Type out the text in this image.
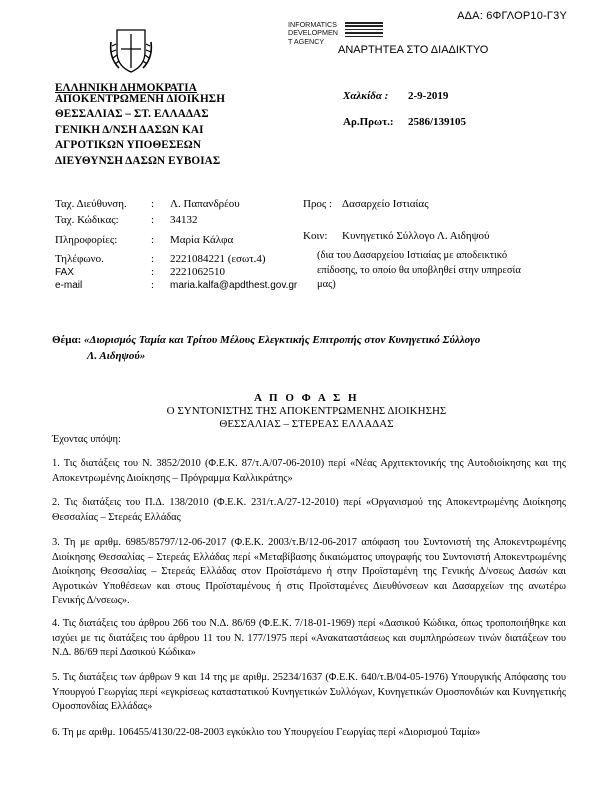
ΑΔΑ: 6ΦΓΛΟΡ10-Γ3Υ
INFORMATICS
DEVELOPMEN
T AGENCY
ΑΝΑΡΤΗΤΕΑ ΣΤΟ ΔΙΑΔΙΚΤΥΟ
ΕΛΛΗΝΙΚΗ ΔΗΜΟΚΡΑΤΙΑ
ΑΠΟΚΕΝΤΡΩΜΕΝΗ ΔΙΟΙΚΗΣΗ
ΘΕΣΣΑΛΙΑΣ – ΣΤ. ΕΛΛΑΔΑΣ
ΓΕΝΙΚΗ Δ/ΝΣΗ ΔΑΣΩΝ ΚΑΙ
ΑΓΡΟΤΙΚΩΝ ΥΠΟΘΕΣΕΩΝ
ΔΙΕΥΘΥΝΣΗ ΔΑΣΩΝ ΕΥΒΟΙΑΣ
Χαλκίδα : 2-9-2019
Αρ.Πρωτ.: 2586/139105
Ταχ. Διεύθυνση. : Λ. Παπανδρέου
Ταχ. Κώδικας:	: 34132
Πληροφορίες:	: Μαρία Κάλφα
Τηλέφωνο.	: 2221084221 (εσωτ.4)
FAX	: 2221062510
e-mail	: maria.kalfa@apdthest.gov.gr
Προς : Δασαρχείο Ιστιαίας
Κοιν: Κυνηγετικό Σύλλογο Λ. Αιδηψού
(δια του Δασαρχείου Ιστιαίας με αποδεικτικό επίδοσης, το οποίο θα υποβληθεί στην υπηρεσία μας)
Θέμα: «Διορισμός Ταμία και Τρίτου Μέλους Ελεγκτικής Επιτροπής στον Κυνηγετικό Σύλλογο
Λ. Αιδηψού»
Α Π Ο Φ Α Σ Η
Ο ΣΥΝΤΟΝΙΣΤΗΣ ΤΗΣ ΑΠΟΚΕΝΤΡΩΜΕΝΗΣ ΔΙΟΙΚΗΣΗΣ
ΘΕΣΣΑΛΙΑΣ – ΣΤΕΡΕΑΣ ΕΛΛΑΔΑΣ
Έχοντας υπόψη:
1. Τις διατάξεις του Ν. 3852/2010 (Φ.Ε.Κ. 87/τ.Α/07-06-2010) περί «Νέας Αρχιτεκτονικής της Αυτοδιοίκησης και της Αποκεντρωμένης Διοίκησης – Πρόγραμμα Καλλικράτης»
2. Τις διατάξεις του Π.Δ. 138/2010 (Φ.Ε.Κ. 231/τ.Α/27-12-2010) περί «Οργανισμού της Αποκεντρωμένης Διοίκησης Θεσσαλίας – Στερεάς Ελλάδας
3. Τη με αριθμ. 6985/85797/12-06-2017 (Φ.Ε.Κ. 2003/τ.Β/12-06-2017 απόφαση του Συντονιστή της Αποκεντρωμένης Διοίκησης Θεσσαλίας – Στερεάς Ελλάδας περί «Μεταβίβασης δικαιώματος υπογραφής του Συντονιστή Αποκεντρωμένης Διοίκησης Θεσσαλίας – Στερεάς Ελλάδας στον Προϊστάμενο ή στην Προϊσταμένη της Γενικής Δ/νσεως Δασών και Αγροτικών Υποθέσεων και στους Προϊσταμένους ή στις Προϊσταμένες Διευθύνσεων και Δασαρχείων της ανωτέρω Γενικής Δ/νσεως».
4. Τις διατάξεις του άρθρου 266 του Ν.Δ. 86/69 (Φ.Ε.Κ. 7/18-01-1969) περί «Δασικού Κώδικα, όπως τροποποιήθηκε και ισχύει με τις διατάξεις του άρθρου 11 του Ν. 177/1975 περί «Ανακαταστάσεως και συμπληρώσεων τινών διατάξεων του Ν.Δ. 86/69 περί Δασικού Κώδικα»
5. Τις διατάξεις των άρθρων 9 και 14 της με αριθμ. 25234/1637 (Φ.Ε.Κ. 640/τ.Β/04-05-1976) Υπουργικής Απόφασης του Υπουργού Γεωργίας περί «εγκρίσεως καταστατικού Κυνηγετικών Συλλόγων, Κυνηγετικών Ομοσπονδιών και Κυνηγετικής Ομοσπονδίας Ελλάδας»
6. Τη με αριθμ. 106455/4130/22-08-2003 εγκύκλιο του Υπουργείου Γεωργίας περί «Διορισμού Ταμία»
